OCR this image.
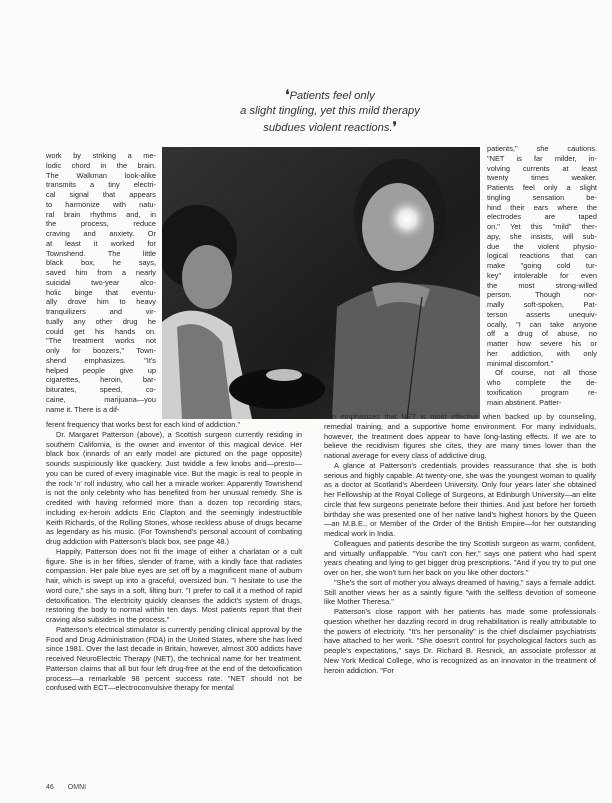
❛Patients feel only
a slight tingling, yet this mild therapy
subdues violent reactions.❜
work by striking a me-
lodic chord in the brain.
The Walkman look-alike
transmits a tiny electri-
cal signal that appears
to harmonize with natu-
ral brain rhythms and, in
the process, reduce
craving and anxiety. Or
at least it worked for
Townshend. The little
black box, he says,
saved him from a nearly
suicidal two-year alco-
holic binge that eventu-
ally drove him to heavy
tranquilizers and vir-
tually any other drug he
could get his hands on.
"The treatment works not
only for boozers," Town-
shend emphasizes. "It's
helped people give up
cigarettes, heroin, bar-
biturates, speed, co-
caine, marijuana—you
name it. There is a dif-
patients," she cautions.
"NET is far milder, in-
volving currents at least
twenty times weaker.
Patients feel only a slight
tingling sensation be-
hind their ears where the
electrodes are taped
on." Yet this "mild" ther-
apy, she insists, will sub-
due the violent physio-
logical reactions that can
make "going cold tur-
key" intolerable for even
the most strong-willed
person. Though nor-
mally soft-spoken, Pat-
terson asserts unequiv-
ocally, "I can take anyone
off a drug of abuse, no
matter how severe his or
her addiction, with only
minimal discomfort."
Of course, not all those
who complete the de-
toxification program re-
main abstinent. Patter-

ferent frequency that works best for each kind of addiction."

Dr. Margaret Patterson (above), a Scottish surgeon currently residing in southern California, is the owner and inventor of this magical device. Her black box (innards of an early model are pictured on the page opposite) sounds suspiciously like quackery. Just twiddle a few knobs and—presto—you can be cured of every imaginable vice. But the magic is real to people in the rock 'n' roll industry, who call her a miracle worker. Apparently Townshend is not the only celebrity who has benefited from her unusual remedy. She is credited with having reformed more than a dozen top recording stars, including ex-heroin addicts Eric Clapton and the seemingly indestructible Keith Richards, of the Rolling Stones, whose reckless abuse of drugs became as legendary as his music. (For Townshend's personal account of combating drug addiction with Patterson's black box, see page 48.)

Happily, Patterson does not fit the image of either a charlatan or a cult figure. She is in her fifties, slender of frame, with a kindly face that radiates compassion. Her pale blue eyes are set off by a magnificent mane of auburn hair, which is swept up into a graceful, oversized bun. "I hesitate to use the word cure," she says in a soft, lilting burr. "I prefer to call it a method of rapid detoxification. The electricity quickly cleanses the addict's system of drugs, restoring the body to normal within ten days. Most patients report that their craving also subsides in the process."

Patterson's electrical stimulator is currently pending clinical approval by the Food and Drug Administration (FDA) in the United States, where she has lived since 1981. Over the last decade in Britain, however, almost 300 addicts have received NeuroElectric Therapy (NET), the technical name for her treatment. Patterson claims that all but four left drug-free at the end of the detoxification process—a remarkable 98 percent success rate. "NET should not be confused with ECT—electroconvulsive therapy for mental

son emphasizes that NET is most effective when backed up by counseling, remedial training, and a supportive home environment. For many individuals, however, the treatment does appear to have long-lasting effects. If we are to believe the recidivism figures she cites, they are many times lower than the national average for every class of addictive drug.

A glance at Patterson's credentials provides reassurance that she is both serious and highly capable. At twenty-one, she was the youngest woman to qualify as a doctor at Scotland's Aberdeen University. Only four years later she obtained her Fellowship at the Royal College of Surgeons, at Edinburgh University—an elite circle that few surgeons penetrate before their thirties. And just before her fortieth birthday she was presented one of her native land's highest honors by the Queen—an M.B.E., or Member of the Order of the British Empire—for her outstanding medical work in India.

Colleagues and patients describe the tiny Scottish surgeon as warm, confident, and virtually unflappable. "You can't con her," says one patient who had spent years cheating and lying to get bigger drug prescriptions. "And if you try to put one over on her, she won't turn her back on you like other doctors."

"She's the sort of mother you always dreamed of having," says a female addict. Still another views her as a saintly figure "with the selfless devotion of someone like Mother Theresa."

Patterson's close rapport with her patients has made some professionals question whether her dazzling record in drug rehabilitation is really attributable to the powers of electricity. "It's her personality" is the chief disclaimer psychiatrists have attached to her work. "She doesn't control for psychological factors such as people's expectations," says Dr. Richard B. Resnick, an associate professor at New York Medical College, who is recognized as an innovator in the treatment of heroin addiction. "For

46 OMNI
